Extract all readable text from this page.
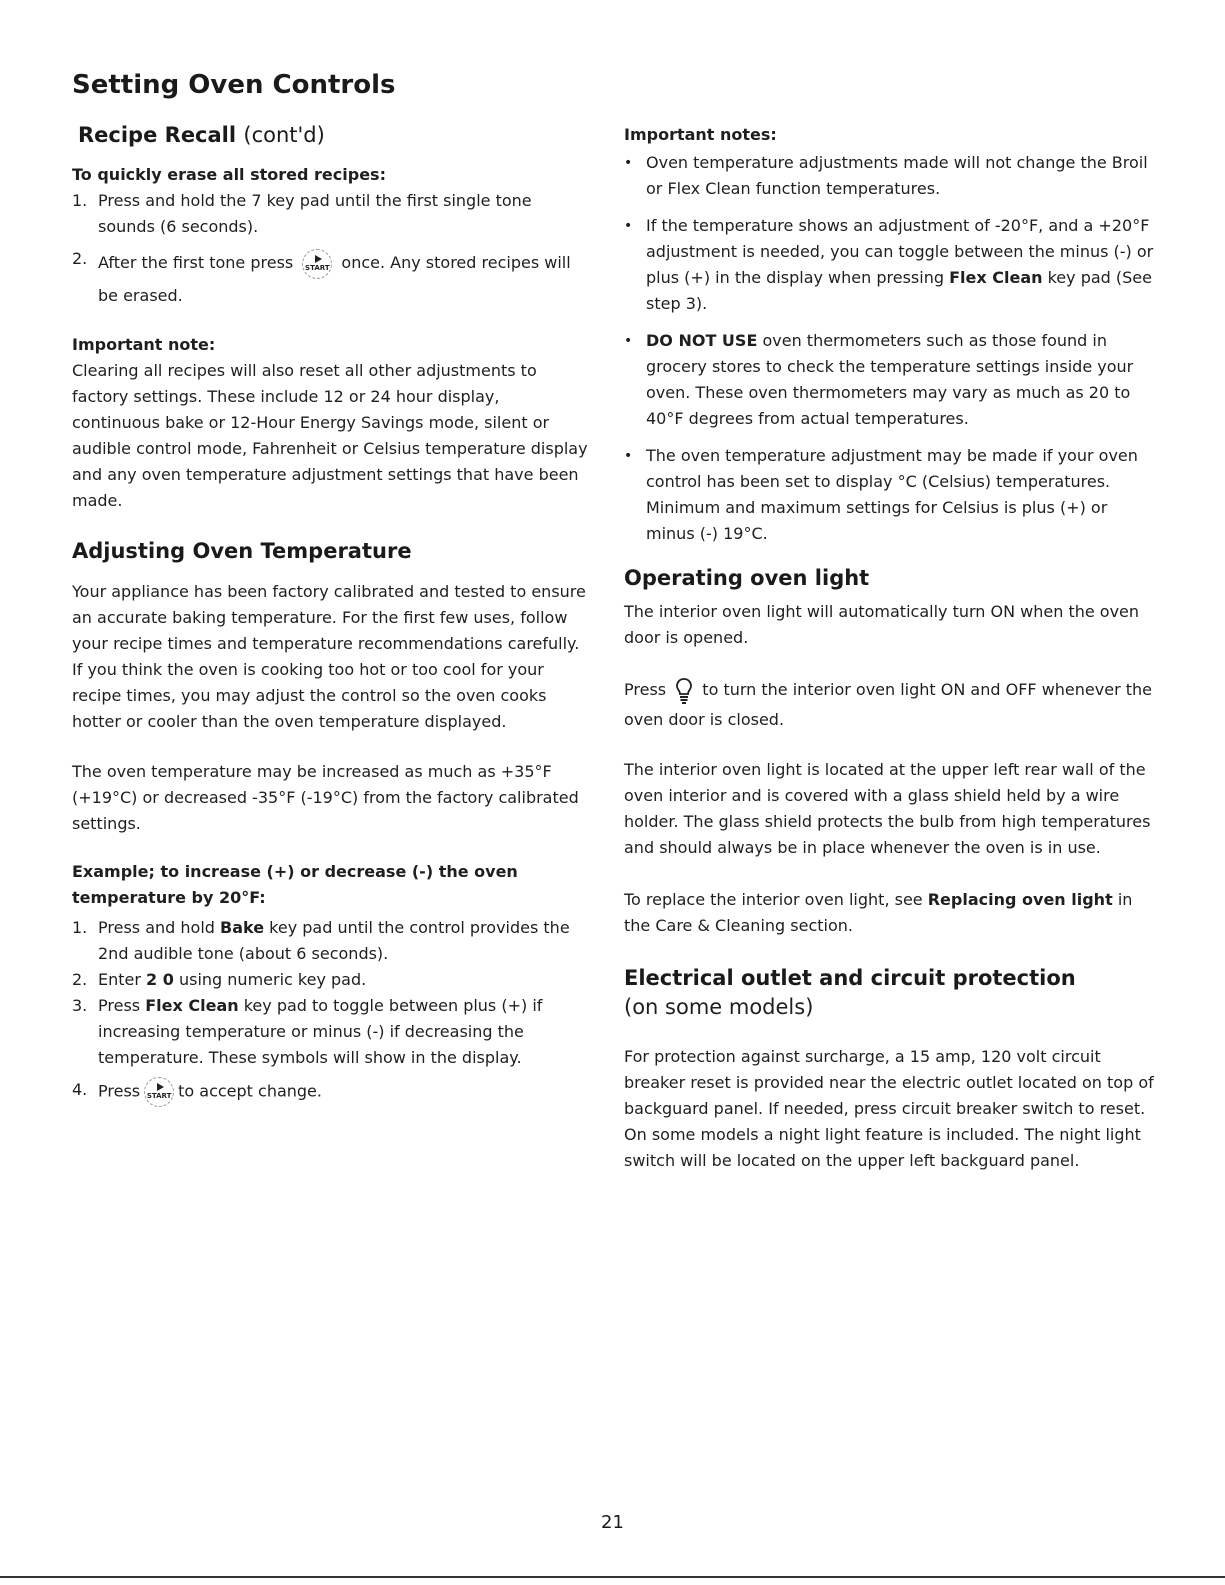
Setting Oven Controls
Recipe Recall (cont'd)

To quickly erase all stored recipes:

1. Press and hold the 7 key pad until the first single tone sounds (6 seconds).
2. After the first tone press START once. Any stored recipes will be erased.

Important note:

Clearing all recipes will also reset all other adjustments to factory settings. These include 12 or 24 hour display, continuous bake or 12-Hour Energy Savings mode, silent or audible control mode, Fahrenheit or Celsius temperature display and any oven temperature adjustment settings that have been made.

Adjusting Oven Temperature

Your appliance has been factory calibrated and tested to ensure an accurate baking temperature. For the first few uses, follow your recipe times and temperature recommendations carefully. If you think the oven is cooking too hot or too cool for your recipe times, you may adjust the control so the oven cooks hotter or cooler than the oven temperature displayed.

The oven temperature may be increased as much as +35°F (+19°C) or decreased -35°F (-19°C) from the factory calibrated settings.

Example; to increase (+) or decrease (-) the oven temperature by 20°F:

1. Press and hold Bake key pad until the control provides the 2nd audible tone (about 6 seconds).
2. Enter 2 0 using numeric key pad.
3. Press Flex Clean key pad to toggle between plus (+) if increasing temperature or minus (-) if decreasing the temperature. These symbols will show in the display.
4. Press START to accept change.

Important notes:

• Oven temperature adjustments made will not change the Broil or Flex Clean function temperatures.
• If the temperature shows an adjustment of -20°F, and a +20°F adjustment is needed, you can toggle between the minus (-) or plus (+) in the display when pressing Flex Clean key pad (See step 3).
• DO NOT USE oven thermometers such as those found in grocery stores to check the temperature settings inside your oven. These oven thermometers may vary as much as 20 to 40°F degrees from actual temperatures.
• The oven temperature adjustment may be made if your oven control has been set to display °C (Celsius) temperatures. Minimum and maximum settings for Celsius is plus (+) or minus (-) 19°C.
Operating oven light

The interior oven light will automatically turn ON when the oven door is opened.

Press to turn the interior oven light ON and OFF whenever the oven door is closed.

The interior oven light is located at the upper left rear wall of the oven interior and is covered with a glass shield held by a wire holder. The glass shield protects the bulb from high temperatures and should always be in place whenever the oven is in use.

To replace the interior oven light, see Replacing oven light in the Care & Cleaning section.

Electrical outlet and circuit protection

(on some models)

For protection against surcharge, a 15 amp, 120 volt circuit breaker reset is provided near the electric outlet located on top of backguard panel. If needed, press circuit breaker switch to reset. On some models a night light feature is included. The night light switch will be located on the upper left backguard panel.

21
